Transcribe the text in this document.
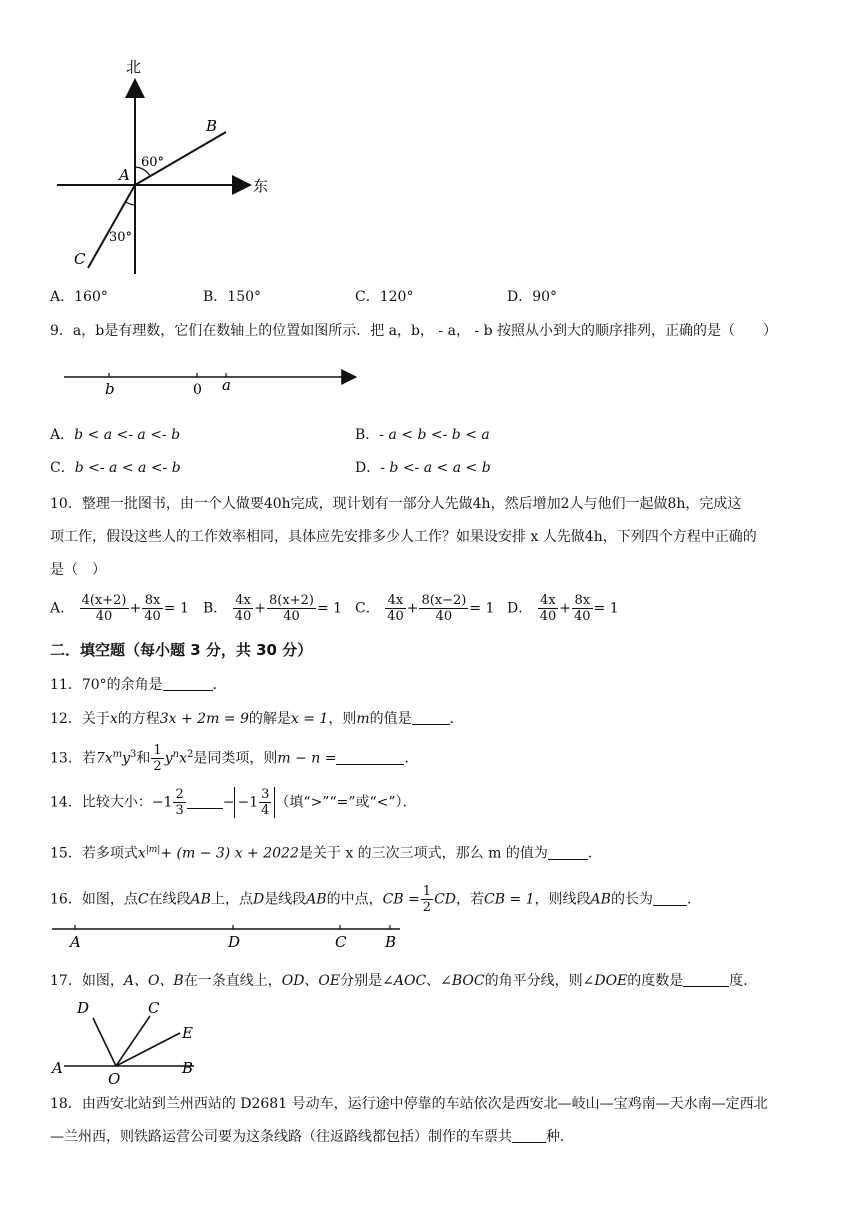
北
东
A
B
C
60°
30°
A．160°	B．150°	C．120°	D．90°
9．a，b是有理数，它们在数轴上的位置如图所示．把 a，b， - a， - b 按照从小到大的顺序排列，正确的是（　　）
b	0 a
A．b < a <- a <- b	B．- a < b <- b < a
C．b <- a < a <- b	D．- b <- a < a < b
10．整理一批图书，由一个人做要40h完成，现计划有一部分人先做4h，然后增加2人与他们一起做8h，完成这
项工作，假设这些人的工作效率相同，具体应先安排多少人工作？如果设安排 x 人先做4h，下列四个方程中正确的
是（　）
A． $\frac{4(x+2)}{40} + \frac{8x}{40} = 1$ B． $\frac{4x}{40} + \frac{8(x+2)}{40} = 1$ C． $\frac{4x}{40} + \frac{8(x-2)}{40} = 1$ D． $\frac{4x}{40} + \frac{8x}{40} = 1$
二．填空题（每小题 3 分，共 30 分）
11．70°的余角是	．
12．关于x的方程3x + 2m = 9的解是x = 1，则m的值是	．
13．若$7x^my^3$和 $\frac{1}{2} y^nx^2$是同类项，则m − n =	．
14．比较大小：$-1 \frac{2}{3}$	− $-1 \frac{3}{4}$ （填“>”“=”或“<”）．
15．若多项式$x^{|m|}+ (m - 3) x + 2022$是关于 x 的三次三项式，那么 m 的值为	．
16．如图，点C在线段AB上，点D是线段AB的中点，CB = $\frac{1}{2}$ CD，若CB = 1，则线段AB的长为 ．
A	D	C	B
17．如图，A、O、B在一条直线上，OD、OE分别是∠AOC、∠BOC的角平分线，则∠DOE的度数是	度．
D	C
E
A
O
B
18．由西安北站到兰州西站的 D2681 号动车，运行途中停靠的车站依次是西安北—岐山—宝鸡南—天水南—定西北
—兰州西，则铁路运营公司要为这条线路（往返路线都包括）制作的车票共 种．
